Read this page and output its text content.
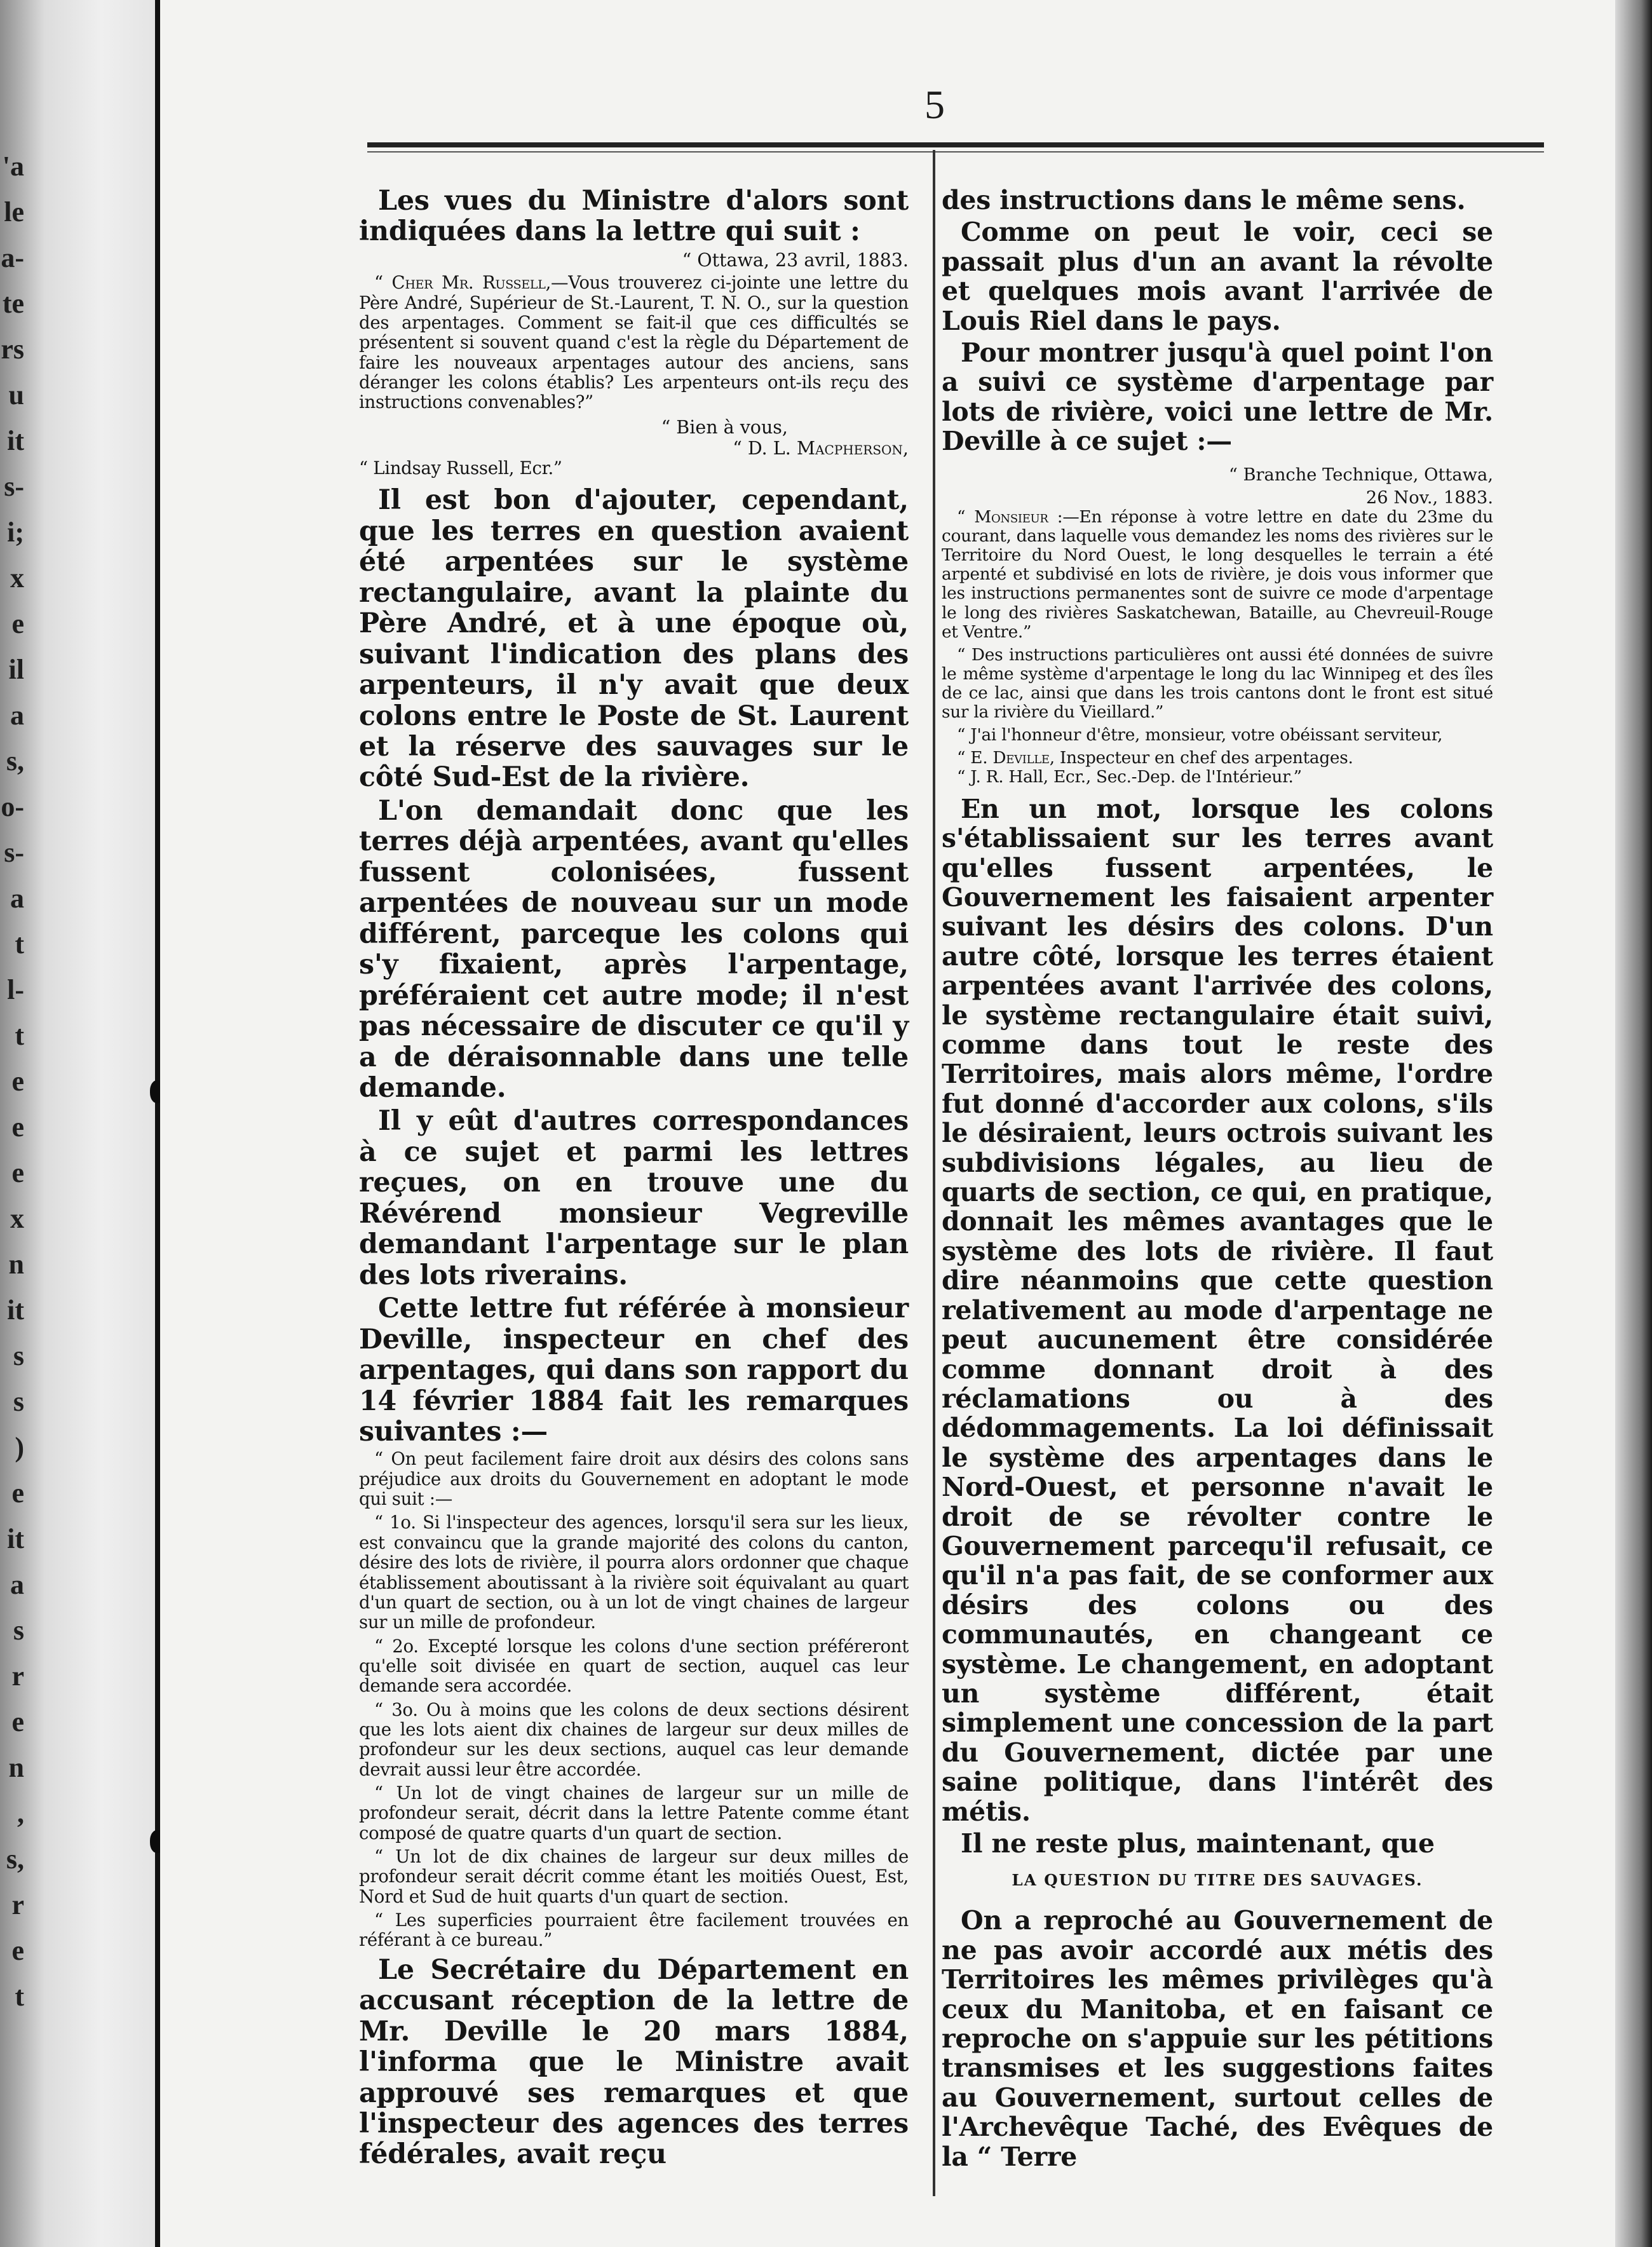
'a
le
a-
te
rs
u
it
s-
i;
x
e
il
a
s,
o-
s-
a
t
l-
t
e
e
e
x
n
it
s
s
)
e
it
a
s
r
e
n
,
s,
r
e
t
5

Les vues du Ministre d'alors sont indiquées dans la lettre qui suit :

“ Ottawa, 23 avril, 1883.

“ Cher Mr. Russell,—Vous trouverez ci-jointe une lettre du Père André, Supérieur de St.-Laurent, T. N. O., sur la question des arpentages. Comment se fait-il que ces difficultés se présentent si souvent quand c'est la règle du Département de faire les nouveaux arpentages autour des anciens, sans déranger les colons établis? Les arpenteurs ont-ils reçu des instructions convenables?”

“ Bien à vous,

“ D. L. Macpherson,

“ Lindsay Russell, Ecr.”

Il est bon d'ajouter, cependant, que les terres en question avaient été arpentées sur le système rectangulaire, avant la plainte du Père André, et à une époque où, suivant l'indication des plans des arpenteurs, il n'y avait que deux colons entre le Poste de St. Laurent et la réserve des sauvages sur le côté Sud-Est de la rivière.

L'on demandait donc que les terres déjà arpentées, avant qu'elles fussent colonisées, fussent arpentées de nouveau sur un mode différent, parceque les colons qui s'y fixaient, après l'arpentage, préféraient cet autre mode; il n'est pas nécessaire de discuter ce qu'il y a de déraisonnable dans une telle demande.

Il y eût d'autres correspondances à ce sujet et parmi les lettres reçues, on en trouve une du Révérend monsieur Vegreville demandant l'arpentage sur le plan des lots riverains.

Cette lettre fut référée à monsieur Deville, inspecteur en chef des arpentages, qui dans son rapport du 14 février 1884 fait les remarques suivantes :—

“ On peut facilement faire droit aux désirs des colons sans préjudice aux droits du Gouvernement en adoptant le mode qui suit :—

“ 1o. Si l'inspecteur des agences, lorsqu'il sera sur les lieux, est convaincu que la grande majorité des colons du canton, désire des lots de rivière, il pourra alors ordonner que chaque établissement aboutissant à la rivière soit équivalant au quart d'un quart de section, ou à un lot de vingt chaines de largeur sur un mille de profondeur.

“ 2o. Excepté lorsque les colons d'une section préféreront qu'elle soit divisée en quart de section, auquel cas leur demande sera accordée.

“ 3o. Ou à moins que les colons de deux sections désirent que les lots aient dix chaines de largeur sur deux milles de profondeur sur les deux sections, auquel cas leur demande devrait aussi leur être accordée.

“ Un lot de vingt chaines de largeur sur un mille de profondeur serait, décrit dans la lettre Patente comme étant composé de quatre quarts d'un quart de section.

“ Un lot de dix chaines de largeur sur deux milles de profondeur serait décrit comme étant les moitiés Ouest, Est, Nord et Sud de huit quarts d'un quart de section.

“ Les superficies pourraient être facilement trouvées en référant à ce bureau.”

Le Secrétaire du Département en accusant réception de la lettre de Mr. Deville le 20 mars 1884, l'informa que le Ministre avait approuvé ses remarques et que l'inspecteur des agences des terres fédérales, avait reçu

des instructions dans le même sens.

Comme on peut le voir, ceci se passait plus d'un an avant la révolte et quelques mois avant l'arrivée de Louis Riel dans le pays.

Pour montrer jusqu'à quel point l'on a suivi ce système d'arpentage par lots de rivière, voici une lettre de Mr. Deville à ce sujet :—

“ Branche Technique, Ottawa,

26 Nov., 1883.

“ Monsieur :—En réponse à votre lettre en date du 23me du courant, dans laquelle vous demandez les noms des rivières sur le Territoire du Nord Ouest, le long desquelles le terrain a été arpenté et subdivisé en lots de rivière, je dois vous informer que les instructions permanentes sont de suivre ce mode d'arpentage le long des rivières Saskatchewan, Bataille, au Chevreuil-Rouge et Ventre.”

“ Des instructions particulières ont aussi été données de suivre le même système d'arpentage le long du lac Winnipeg et des îles de ce lac, ainsi que dans les trois cantons dont le front est situé sur la rivière du Vieillard.”

“ J'ai l'honneur d'être, monsieur, votre obéissant serviteur,

“ E. Deville, Inspecteur en chef des arpentages.

“ J. R. Hall, Ecr., Sec.-Dep. de l'Intérieur.”

En un mot, lorsque les colons s'établissaient sur les terres avant qu'elles fussent arpentées, le Gouvernement les faisaient arpenter suivant les désirs des colons. D'un autre côté, lorsque les terres étaient arpentées avant l'arrivée des colons, le système rectangulaire était suivi, comme dans tout le reste des Territoires, mais alors même, l'ordre fut donné d'accorder aux colons, s'ils le désiraient, leurs octrois suivant les subdivisions légales, au lieu de quarts de section, ce qui, en pratique, donnait les mêmes avantages que le système des lots de rivière. Il faut dire néanmoins que cette question relativement au mode d'arpentage ne peut aucunement être considérée comme donnant droit à des réclamations ou à des dédommagements. La loi définissait le système des arpentages dans le Nord-Ouest, et personne n'avait le droit de se révolter contre le Gouvernement parcequ'il refusait, ce qu'il n'a pas fait, de se conformer aux désirs des colons ou des communautés, en changeant ce système. Le changement, en adoptant un système différent, était simplement une concession de la part du Gouvernement, dictée par une saine politique, dans l'intérêt des métis.

Il ne reste plus, maintenant, que

LA QUESTION DU TITRE DES SAUVAGES.

On a reproché au Gouvernement de ne pas avoir accordé aux métis des Territoires les mêmes privilèges qu'à ceux du Manitoba, et en faisant ce reproche on s'appuie sur les pétitions transmises et les suggestions faites au Gouvernement, surtout celles de l'Archevêque Taché, des Evêques de la “ Terre
